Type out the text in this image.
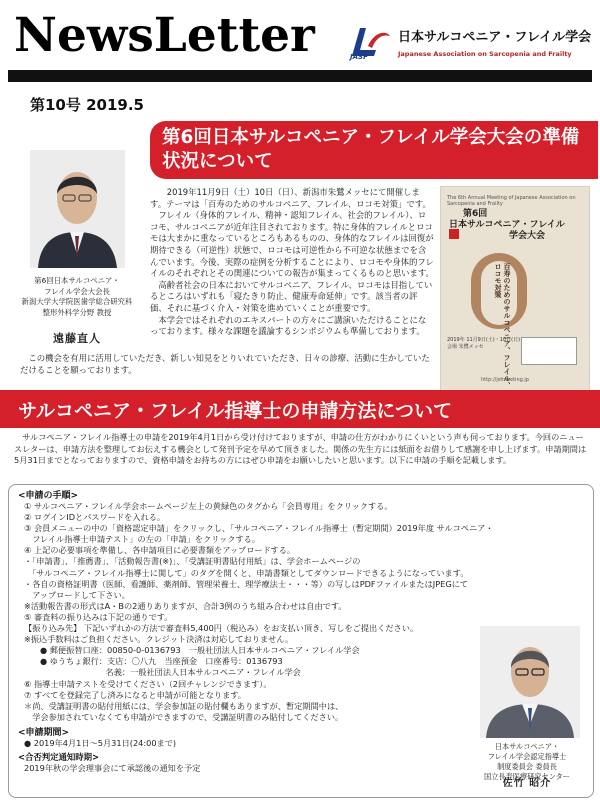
NewsLetter	JASF
日本サルコペニア・フレイル学会
Japanese Association on Sarcopenia and Frailty
第10号 2019.5
第6回日本サルコペニア・フレイル学会大会の準備状況について
第6回日本サルコペニア・
フレイル学会大会長
新潟大学大学院医歯学総合研究科
整形外科学分野 教授
遠藤直人

2019年11月9日（土）10日（日）、新潟市朱鷺メッセにて開催します。テーマは「百寿のためのサルコペニア、フレイル、ロコモ対策」です。

フレイル（身体的フレイル、精神・認知フレイル、社会的フレイル）、ロコモ、サルコペニアが近年注目されております。特に身体的フレイルとロコモは大まかに重なっているところもあるものの、身体的なフレイルは回復が期待できる（可逆性）状態で、ロコモは可逆性から不可逆な状態までを含んでいます。今後、実際の症例を分析することにより、ロコモや身体的フレイルのそれぞれとその関連についての報告が集まってくるものと思います。

高齢者社会の日本においてサルコペニア、フレイル、ロコモは目指しているところはいずれも「寝たきり防止、健康寿命延伸」です。該当者の評価、それに基づく介入・対策を進めていくことが重要です。

本学会ではそれぞれのエキスパートの方々にご講演いただけることになっております。様々な課題を議論するシンポジウムも準備しております。

この機会を有用に活用していただき、新しい知見をとりいれていただき、日々の診療、活動に生かしていただけることを願っております。

The 6th Annual Meeting of Japanese Association on Sarcopenia and Frailty
第6回
日本サルコペニア・フレイル
学会大会
百寿のためのサルコペニア、フレイル、ロコモ対策
2019年 11月9日(土)・10日(日)
会場 朱鷺メッセ
http://jsfmeeting.jp
サルコペニア・フレイル指導士の申請方法について

サルコペニア・フレイル指導士の申請を2019年4月1日から受け付けておりますが、申請の仕方がわかりにくいという声も伺っております。今回のニュースレターは、申請方法を整理してお伝えする機会として発刊予定を早めて頂きました。関係の先生方には紙面をお借りして感謝を申し上げます。申請期間は5月31日までとなっておりますので、資格申請をお持ちの方にはぜひ申請をお願いしたいと思います。以下に申請の手順を記載します。

<申請の手順>
① サルコペニア・フレイル学会ホームページ左上の黄緑色のタグから「会員専用」をクリックする。
② ログインIDとパスワードを入れる。
③ 会員メニューの中の「資格認定申請」をクリックし、「サルコペニア・フレイル指導士（暫定期間）2019年度 サルコペニア・
　フレイル指導士申請テスト」の左の「申請」をクリックする。
④ 上記の必要事項を準備し、各申請項目に必要書類をアップロードする。
・「申請書」、「推薦書」、「活動報告書(※)」、「受講証明書貼付用紙」は、学会ホームページの
　「サルコペニア・フレイル指導士に関して」のタグを開くと、申請書類としてダウンロードできるようになっています。
・各自の資格証明書（医師、看護師、薬剤師、管理栄養士、理学療法士・・・等）の写しはPDFファイルまたはJPEGにて
　アップロードして下さい。
※活動報告書の形式はA・Bの2通りありますが、合計3例のうち組み合わせは自由です。
⑤ 審査料の振り込みは下記の通りです。
【振り込み先】 下記いずれかの方法で審査料5,400円（税込み）をお支払い頂き、写しをご提出ください。
※振込手数料はご負担ください。クレジット決済は対応しておりません。
● 郵便振替口座：00850-0-0136793　一般社団法人日本サルコペニア・フレイル学会
● ゆうちょ銀行：支店：〇八九　当座預金　口座番号：0136793
　　　　　　　　名義：一般社団法人日本サルコペニア・フレイル学会
⑥ 指導士申請テストを受けてください（2回チャレンジできます）。
⑦ すべてを登録完了し済みになると申請が可能となります。
＊尚、受講証明書の貼付用紙には、学会参加証の貼付欄もありますが、暫定期間中は、
　学会参加されていなくても申請ができますので、受講証明書のみ貼付してください。
<申請期間>
● 2019年4月1日～5月31日(24:00まで)
<合否判定通知時期>
2019年秋の学会理事会にて承認後の通知を予定
日本サルコペニア・
フレイル学会認定指導士
制度委員会 委員長
国立長寿医療研究センター
佐竹 昭介
